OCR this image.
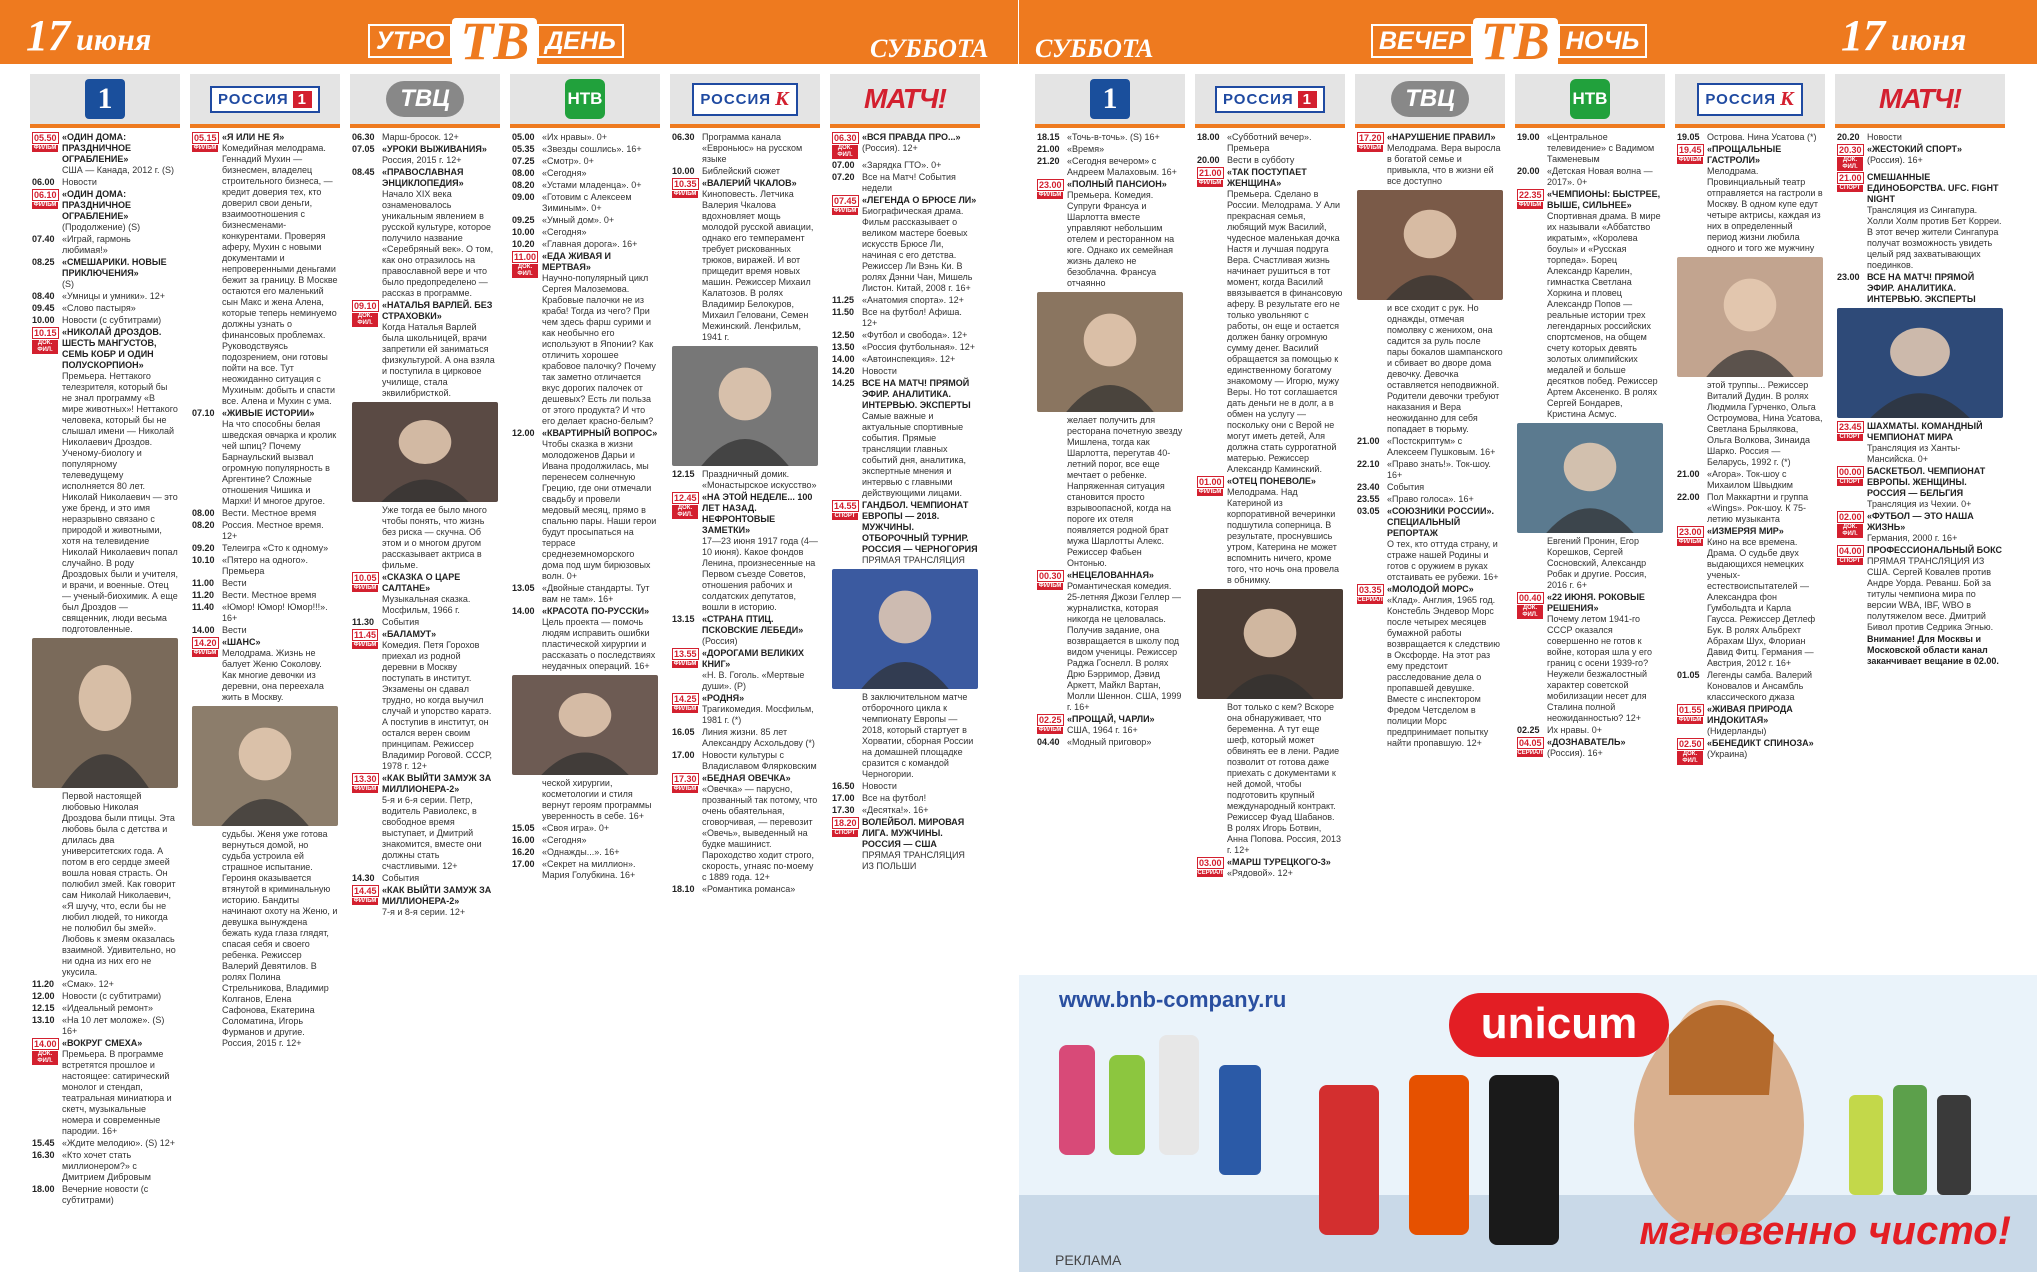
17 июня	УТРО ТВ ДЕНЬ	СУББОТА
1
05.50
ФИЛЬМ
«ОДИН ДОМА: ПРАЗДНИЧНОЕ ОГРАБЛЕНИЕ»
США — Канада, 2012 г. (S)
06.00 Новости
06.10
ФИЛЬМ
«ОДИН ДОМА: ПРАЗДНИЧНОЕ ОГРАБЛЕНИЕ»
(Продолжение) (S)
07.40 «Играй, гармонь любимая!»
08.25 «СМЕШАРИКИ. НОВЫЕ ПРИКЛЮЧЕНИЯ»
(S)
08.40 «Умницы и умники». 12+
09.45 «Слово пастыря»
10.00 Новости (с субтитрами)
10.15
ДОК. ФИЛ.
«НИКОЛАЙ ДРОЗДОВ. ШЕСТЬ МАНГУСТОВ, СЕМЬ КОБР И ОДИН ПОЛУСКОРПИОН»
Премьера. Неттакого телезрителя, который бы не знал программу «В мире животных»! Неттакого человека, который бы не слышал имени — Николай Николаевич Дроздов. Ученому-биологу и популярному телеведущему исполняется 80 лет. Николай Николаевич — это уже бренд, и это имя неразрывно связано с природой и животными, хотя на телевидение Николай Николаевич попал случайно. В роду Дроздовых были и учителя, и врачи, и военные. Отец — ученый-биохимик. А еще был Дроздов — священник, люди весьма подготовленные.
Первой настоящей любовью Николая Дроздова были птицы. Эта любовь была с детства и длилась два университетских года. А потом в его сердце змеей вошла новая страсть. Он полюбил змей. Как говорит сам Николай Николаевич, «Я шучу, что, если бы не любил людей, то никогда не полюбил бы змей». Любовь к змеям оказалась взаимной. Удивительно, но ни одна из них его не укусила.
11.20 «Смак». 12+
12.00 Новости (с субтитрами)
12.15 «Идеальный ремонт»
13.10 «На 10 лет моложе». (S) 16+
14.00
ДОК. ФИЛ.
«ВОКРУГ СМЕХА»
Премьера. В программе встретятся прошлое и настоящее: сатирический монолог и стендап, театральная миниатюра и скетч, музыкальные номера и современные пародии. 16+
15.45 «Ждите мелодию». (S) 12+
16.30 «Кто хочет стать миллионером?» с Дмитрием Дибровым
18.00 Вечерние новости (с субтитрами)
РОССИЯ 1
05.15
ФИЛЬМ
«Я ИЛИ НЕ Я»
Комедийная мелодрама. Геннадий Мухин — бизнесмен, владелец строительного бизнеса, — кредит доверия тех, кто доверил свои деньги, взаимоотношения с бизнесменами-конкурентами. Проверяя аферу, Мухин с новыми документами и непроверенными деньгами бежит за границу. В Москве остаются его маленький сын Макс и жена Алена, которые теперь неминуемо должны узнать о финансовых проблемах. Руководствуясь подозрением, они готовы пойти на все. Тут неожиданно ситуация с Мухиным: добыть и спасти все. Алена и Мухин с ума.
07.10 «ЖИВЫЕ ИСТОРИИ»
На что способны белая шведская овчарка и кролик чей шпиц? Почему Барнаульский вызвал огромную популярность в Аргентине? Сложные отношения Чишика и Мархи! И многое другое.
08.00 Вести. Местное время
08.20 Россия. Местное время. 12+
09.20 Телеигра «Сто к одному»
10.10 «Пятеро на одного». Премьера
11.00 Вести
11.20 Вести. Местное время
11.40 «Юмор! Юмор! Юмор!!!». 16+
14.00 Вести
14.20
ФИЛЬМ
«ШАНС»
Мелодрама. Жизнь не балует Женю Соколову. Как многие девочки из деревни, она переехала жить в Москву.
судьбы. Женя уже готова вернуться домой, но судьба устроила ей страшное испытание. Героиня оказывается втянутой в криминальную историю. Бандиты начинают охоту на Женю, и девушка вынуждена бежать куда глаза глядят, спасая себя и своего ребенка. Режиссер Валерий Девятилов. В ролях Полина Стрельникова, Владимир Колганов, Елена Сафонова, Екатерина Соломатина, Игорь Фурманов и другие. Россия, 2015 г. 12+
ТВЦ
06.30 Марш-бросок. 12+
07.05 «УРОКИ ВЫЖИВАНИЯ»
Россия, 2015 г. 12+
08.45 «ПРАВОСЛАВНАЯ ЭНЦИКЛОПЕДИЯ»
Начало XIX века ознаменовалось уникальным явлением в русской культуре, которое получило название «Серебряный век». О том, как оно отразилось на православной вере и что было предопределено — рассказ в программе.
09.10
ДОК. ФИЛ.
«НАТАЛЬЯ ВАРЛЕЙ. БЕЗ СТРАХОВКИ»
Когда Наталья Варлей была школьницей, врачи запретили ей заниматься физкультурой. А она взяла и поступила в цирковое училище, стала эквилибристкой.
Уже тогда ее было много чтобы понять, что жизнь без риска — скучна. Об этом и о многом другом рассказывает актриса в фильме.
10.05
ФИЛЬМ
«СКАЗКА О ЦАРЕ САЛТАНЕ»
Музыкальная сказка. Мосфильм, 1966 г.
11.30 События
11.45
ФИЛЬМ
«БАЛАМУТ»
Комедия. Петя Горохов приехал из родной деревни в Москву поступать в институт. Экзамены он сдавал трудно, но когда выучил случай и упорство каратэ. А поступив в институт, он остался верен своим принципам. Режиссер Владимир Роговой. СССР, 1978 г. 12+
13.30
ФИЛЬМ
«КАК ВЫЙТИ ЗАМУЖ ЗА МИЛЛИОНЕРА-2»
5-я и 6-я серии. Петр, водитель Равиолекс, в свободное время выступает, и Дмитрий знакомится, вместе они должны стать счастливыми. 12+
14.30 События
14.45
ФИЛЬМ
«КАК ВЫЙТИ ЗАМУЖ ЗА МИЛЛИОНЕРА-2»
7-я и 8-я серии. 12+
НТВ
05.00 «Их нравы». 0+
05.35 «Звезды сошлись». 16+
07.25 «Смотр». 0+
08.00 «Сегодня»
08.20 «Устами младенца». 0+
09.00 «Готовим с Алексеем Зиминым». 0+
09.25 «Умный дом». 0+
10.00 «Сегодня»
10.20 «Главная дорога». 16+
11.00
ДОК. ФИЛ.
«ЕДА ЖИВАЯ И МЕРТВАЯ»
Научно-популярный цикл Сергея Малоземова. Крабовые палочки не из краба! Тогда из чего? При чем здесь фарш сурими и как необычно его используют в Японии? Как отличить хорошее крабовое палочку? Почему так заметно отличается вкус дорогих палочек от дешевых? Есть ли польза от этого продукта? И что его делает красно-белым?
12.00 «КВАРТИРНЫЙ ВОПРОС»
Чтобы сказка в жизни молодоженов Дарьи и Ивана продолжилась, мы перенесем солнечную Грецию, где они отмечали свадьбу и провели медовый месяц, прямо в спальню пары. Наши герои будут просыпаться на террасе среднеземноморского дома под шум бирюзовых волн. 0+
13.05 «Двойные стандарты. Тут вам не там». 16+
14.00 «КРАСОТА ПО-РУССКИ»
Цель проекта — помочь людям исправить ошибки пластической хирургии и рассказать о последствиях неудачных операций. 16+
ческой хирургии, косметологии и стиля вернут героям программы уверенность в себе. 16+
15.05 «Своя игра». 0+
16.00 «Сегодня»
16.20 «Однажды...». 16+
17.00 «Секрет на миллион». Мария Голубкина. 16+
РОССИЯ К
06.30 Программа канала «Евроньюс» на русском языке
10.00 Библейский сюжет
10.35
ФИЛЬМ
«ВАЛЕРИЙ ЧКАЛОВ»
Киноповесть. Летчика Валерия Чкалова вдохновляет мощь молодой русской авиации, однако его темперамент требует рискованных трюков, виражей. И вот прищедит время новых машин. Режиссер Михаил Калатозов. В ролях Владимир Белокуров, Михаил Геловани, Семен Межинский. Ленфильм, 1941 г.
12.15 Праздничный домик. «Монастырское искусство»
12.45
ДОК. ФИЛ.
«НА ЭТОЙ НЕДЕЛЕ... 100 ЛЕТ НАЗАД. НЕФРОНТОВЫЕ ЗАМЕТКИ»
17—23 июня 1917 года (4—10 июня). Какое фондов Ленина, произнесенные на Первом съезде Советов, отношения рабочих и солдатских депутатов, вошли в историю.
13.15 «СТРАНА ПТИЦ. ПСКОВСКИЕ ЛЕБЕДИ»
(Россия)
13.55
ФИЛЬМ
«ДОРОГАМИ ВЕЛИКИХ КНИГ»
«Н. В. Гоголь. «Мертвые души». (Р)
14.25
ФИЛЬМ
«РОДНЯ»
Трагикомедия. Мосфильм, 1981 г. (*)
16.05 Линия жизни. 85 лет Александру Асхольдову (*)
17.00 Новости культуры с Владиславом Флярковским
17.30
ФИЛЬМ
«БЕДНАЯ ОВЕЧКА»
«Овечка» — парусно, прозванный так потому, что очень обаятельная, сговорчивая, — перевозит «Овечь», выведенный на будке машинист. Пароходство ходит строго, скорость, угнаяс по-моему с 1889 года. 12+
18.10 «Романтика романса»
МАТЧ!
06.30
ДОК. ФИЛ.
«ВСЯ ПРАВДА ПРО...»
(Россия). 12+
07.00 «Зарядка ГТО». 0+
07.20 Все на Матч! События недели
07.45
ФИЛЬМ
«ЛЕГЕНДА О БРЮСЕ ЛИ»
Биографическая драма. Фильм рассказывает о великом мастере боевых искусств Брюсе Ли, начиная с его детства. Режиссер Ли Вэнь Ки. В ролях Дэнни Чан, Мишель Листон. Китай, 2008 г. 16+
11.25 «Анатомия спорта». 12+
11.50 Все на футбол! Афиша. 12+
12.50 «Футбол и свобода». 12+
13.50 «Россия футбольная». 12+
14.00 «Автоинспекция». 12+
14.20 Новости
14.25 ВСЕ НА МАТЧ! ПРЯМОЙ ЭФИР. АНАЛИТИКА. ИНТЕРВЬЮ. ЭКСПЕРТЫ
Самые важные и актуальные спортивные события. Прямые трансляции главных событий дня, аналитика, экспертные мнения и интервью с главными действующими лицами.
14.55
СПОРТ
ГАНДБОЛ. ЧЕМПИОНАТ ЕВРОПЫ — 2018. МУЖЧИНЫ. ОТБОРОЧНЫЙ ТУРНИР. РОССИЯ — ЧЕРНОГОРИЯ
ПРЯМАЯ ТРАНСЛЯЦИЯ
В заключительном матче отборочного цикла к чемпионату Европы — 2018, который стартует в Хорватии, сборная России на домашней площадке сразится с командой Черногории.
16.50 Новости
17.00 Все на футбол!
17.30 «Десятка!». 16+
18.20
СПОРТ
ВОЛЕЙБОЛ. МИРОВАЯ ЛИГА. МУЖЧИНЫ. РОССИЯ — США
ПРЯМАЯ ТРАНСЛЯЦИЯ ИЗ ПОЛЬШИ
СУББОТА	ВЕЧЕР ТВ НОЧЬ	17 июня
1
18.15 «Точь-в-точь». (S) 16+
21.00 «Время»
21.20 «Сегодня вечером» с Андреем Малаховым. 16+
23.00
ФИЛЬМ
«ПОЛНЫЙ ПАНСИОН»
Премьера. Комедия. Супруги Франсуа и Шарлотта вместе управляют небольшим отелем и ресторанном на юге. Однако их семейная жизнь далеко не безоблачна. Франсуа отчаянно
желает получить для ресторана почетную звезду Мишлена, тогда как Шарлотта, перегутав 40-летний порог, все еще мечтает о ребенке. Напряженная ситуация становится просто взрывоопасной, когда на пороге их отеля появляется родной брат мужа Шарлотты Алекс. Режиссер Фабьен Онтонью.
00.30
ФИЛЬМ
«НЕЦЕЛОВАННАЯ»
Романтическая комедия. 25-летняя Джози Геллер — журналистка, которая никогда не целовалась. Получив задание, она возвращается в школу под видом ученицы. Режиссер Раджа Госнелл. В ролях Дрю Бэрримор, Дэвид Аркетт, Майкл Вартан, Молли Шеннон. США, 1999 г. 16+
02.25
ФИЛЬМ
«ПРОЩАЙ, ЧАРЛИ»
США, 1964 г. 16+
04.40 «Модный приговор»
РОССИЯ 1
18.00 «Субботний вечер». Премьера
20.00 Вести в субботу
21.00
ФИЛЬМ
«ТАК ПОСТУПАЕТ ЖЕНЩИНА»
Премьера. Сделано в России. Мелодрама. У Али прекрасная семья, любящий муж Василий, чудесное маленькая дочка Настя и лучшая подруга Вера. Счастливая жизнь начинает рушиться в тот момент, когда Василий ввязывается в финансовую аферу. В результате его не только увольняют с работы, он еще и остается должен банку огромную сумму денег. Василий обращается за помощью к единственному богатому знакомому — Игорю, мужу Веры. Но тот соглашается дать деньги не в долг, а в обмен на услугу — поскольку они с Верой не могут иметь детей, Аля должна стать суррогатной матерью. Режиссер Александр Каминский.
01.00
ФИЛЬМ
«ОТЕЦ ПОНЕВОЛЕ»
Мелодрама. Над Катериной из корпоративной вечеринки подшутила соперница. В результате, проснувшись утром, Катерина не может вспомнить ничего, кроме того, что ночь она провела в обнимку.
Вот только с кем? Вскоре она обнаруживает, что беременна. А тут еще шеф, который может обвинять ее в лени. Радие позволит от готова даже приехать с документами к ней домой, чтобы подготовить крупный международный контракт. Режиссер Фуад Шабанов. В ролях Игорь Ботвин, Анна Попова. Россия, 2013 г. 12+
03.00
СЕРИАЛ
«МАРШ ТУРЕЦКОГО-3»
«Рядовой». 12+
ТВЦ
17.20
ФИЛЬМ
«НАРУШЕНИЕ ПРАВИЛ»
Мелодрама. Вера выросла в богатой семье и привыкла, что в жизни ей все доступно
и все сходит с рук. Но однажды, отмечая помолвку с женихом, она садится за руль после пары бокалов шампанского и сбивает во дворе дома девочку. Девочка оставляется неподвижной. Родители девочки требуют наказания и Вера неожиданно для себя попадает в тюрьму.
21.00 «Постскриптум» с Алексеем Пушковым. 16+
22.10 «Право знать!». Ток-шоу. 16+
23.40 События
23.55 «Право голоса». 16+
03.05 «СОЮЗНИКИ РОССИИ». СПЕЦИАЛЬНЫЙ РЕПОРТАЖ
О тех, кто оттуда страну, и страже нашей Родины и готов с оружием в руках отстаивать ее рубежи. 16+
03.35
СЕРИАЛ
«МОЛОДОЙ МОРС»
«Клад». Англия, 1965 год. Констебль Эндевор Морс после четырех месяцев бумажной работы возвращается к следствию в Оксфорде. На этот раз ему предстоит расследование дела о пропавшей девушке. Вместе с инспектором Фредом Четсделом в полиции Морс предпринимает попытку найти пропавшую. 12+
НТВ
19.00 «Центральное телевидение» с Вадимом Такменевым
20.00 «Детская Новая волна — 2017». 0+
22.35
ФИЛЬМ
«ЧЕМПИОНЫ: БЫСТРЕЕ, ВЫШЕ, СИЛЬНЕЕ»
Спортивная драма. В мире их называли «Аббатство икратым», «Королева боулы» и «Русская торпеда». Борец Александр Карелин, гимнастка Светлана Хоркина и пловец Александр Попов — реальные истории трех легендарных российских спортсменов, на общем счету которых девять золотых олимпийских медалей и больше десятков побед. Режиссер Артем Аксененко. В ролях Сергей Бондарев, Кристина Асмус.
Евгений Пронин, Егор Корешков, Сергей Сосновский, Александр Робак и другие. Россия, 2016 г. 6+
00.40
ДОК. ФИЛ.
«22 ИЮНЯ. РОКОВЫЕ РЕШЕНИЯ»
Почему летом 1941-го СССР оказался совершенно не готов к войне, которая шла у его границ с осени 1939-го? Неужели безжалостный характер советской мобилизации несет для Сталина полной неожиданностью? 12+
02.25 Их нравы. 0+
04.05
СЕРИАЛ
«ДОЗНАВАТЕЛЬ»
(Россия). 16+
РОССИЯ К
19.05 Острова. Нина Усатова (*)
19.45
ФИЛЬМ
«ПРОЩАЛЬНЫЕ ГАСТРОЛИ»
Мелодрама. Провинциальный театр отправляется на гастроли в Москву. В одном купе едут четыре актрисы, каждая из них в определенный период жизни любила одного и того же мужчину
этой труппы... Режиссер Виталий Дудин. В ролях Людмила Гурченко, Ольга Остроумова, Нина Усатова, Светлана Брылякова, Ольга Волкова, Зинаида Шарко. Россия — Беларусь, 1992 г. (*)
21.00 «Агора». Ток-шоу с Михаилом Швыдким
22.00 Пол Маккартни и группа «Wings». Рок-шоу. К 75-летию музыканта
23.00
ФИЛЬМ
«ИЗМЕРЯЯ МИР»
Кино на все времена. Драма. О судьбе двух выдающихся немецких ученых-естествоиспытателей — Александра фон Гумбольдта и Карла Гаусса. Режиссер Детлеф Бук. В ролях Альбрехт Абрахам Шух, Флориан Давид Фитц. Германия — Австрия, 2012 г. 16+
01.05 Легенды самба. Валерий Коновалов и Ансамбль классического джаза
01.55
ФИЛЬМ
«ЖИВАЯ ПРИРОДА ИНДОКИТАЯ»
(Нидерланды)
02.50
ДОК. ФИЛ.
«БЕНЕДИКТ СПИНОЗА»
(Украина)
МАТЧ!
20.20 Новости
20.30
ДОК. ФИЛ.
«ЖЕСТОКИЙ СПОРТ»
(Россия). 16+
21.00
СПОРТ
СМЕШАННЫЕ ЕДИНОБОРСТВА. UFC. FIGHT NIGHT
Трансляция из Сингапура. Холли Холм против Бет Корреи. В этот вечер жители Сингапура получат возможность увидеть целый ряд захватывающих поединков.
23.00 ВСЕ НА МАТЧ! ПРЯМОЙ ЭФИР. АНАЛИТИКА. ИНТЕРВЬЮ. ЭКСПЕРТЫ
23.45
СПОРТ
ШАХМАТЫ. КОМАНДНЫЙ ЧЕМПИОНАТ МИРА
Трансляция из Ханты-Мансийска. 0+
00.00
СПОРТ
БАСКЕТБОЛ. ЧЕМПИОНАТ ЕВРОПЫ. ЖЕНЩИНЫ. РОССИЯ — БЕЛЬГИЯ
Трансляция из Чехии. 0+
02.00
ДОК. ФИЛ.
«ФУТБОЛ — ЭТО НАША ЖИЗНЬ»
Германия, 2000 г. 16+
04.00
СПОРТ
ПРОФЕССИОНАЛЬНЫЙ БОКС
ПРЯМАЯ ТРАНСЛЯЦИЯ ИЗ США. Сергей Ковалев против Андре Уорда. Реванш. Бой за титулы чемпиона мира по версии WBA, IBF, WBO в полутяжелом весе. Дмитрий Бивол против Седрика Эгнью.
Внимание! Для Москвы и Московской области канал заканчивает вещание в 02.00.
www.bnb-company.ru	unicum
мгновенно чисто!
РЕКЛАМА
